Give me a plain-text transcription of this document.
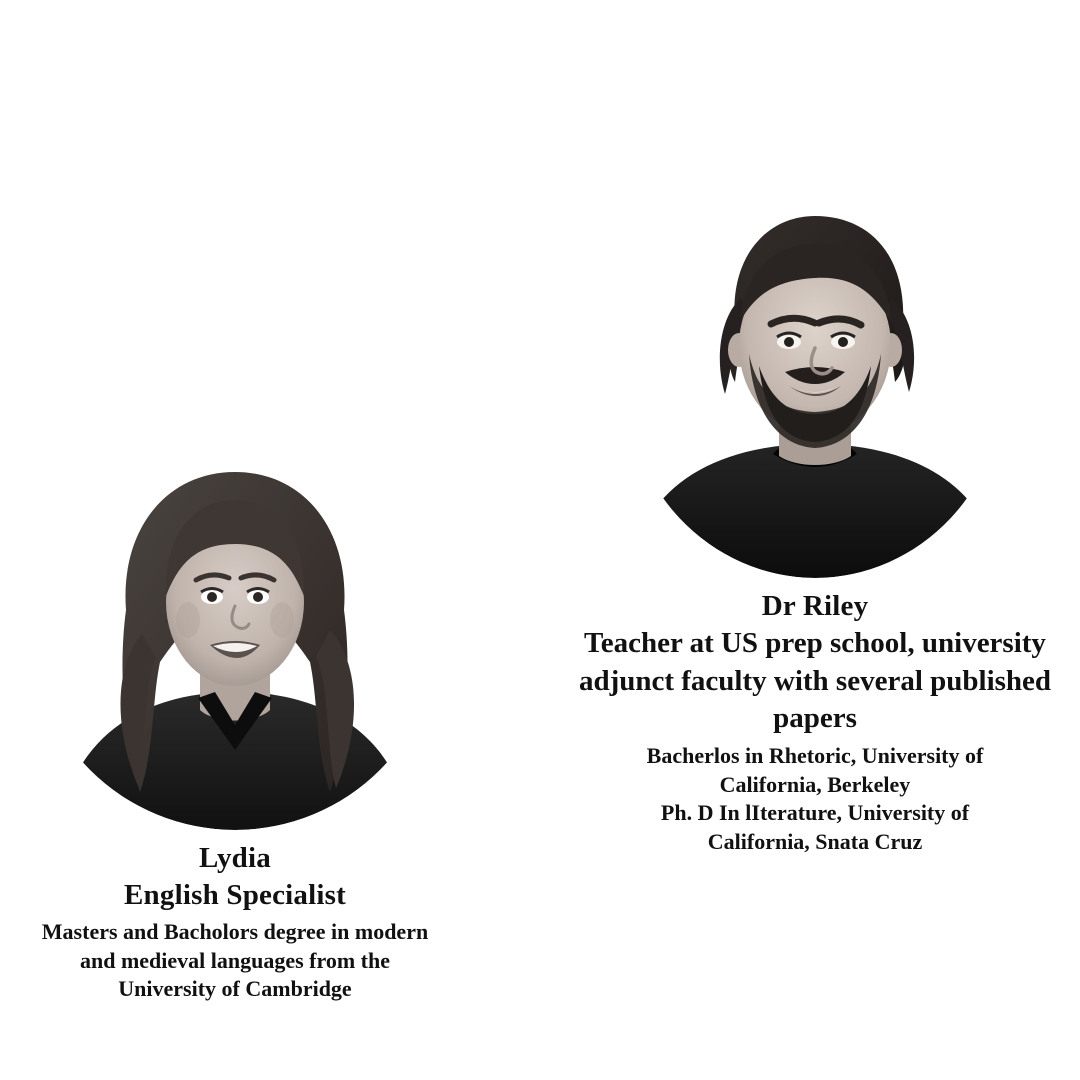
Lydia
English Specialist
Masters and Bacholors degree in modern
and medieval languages from the
University of Cambridge
Dr Riley
Teacher at US prep school, university adjunct faculty with several published papers
Bacherlos in Rhetoric, University of
California, Berkeley
Ph. D In lIterature, University of
California, Snata Cruz
